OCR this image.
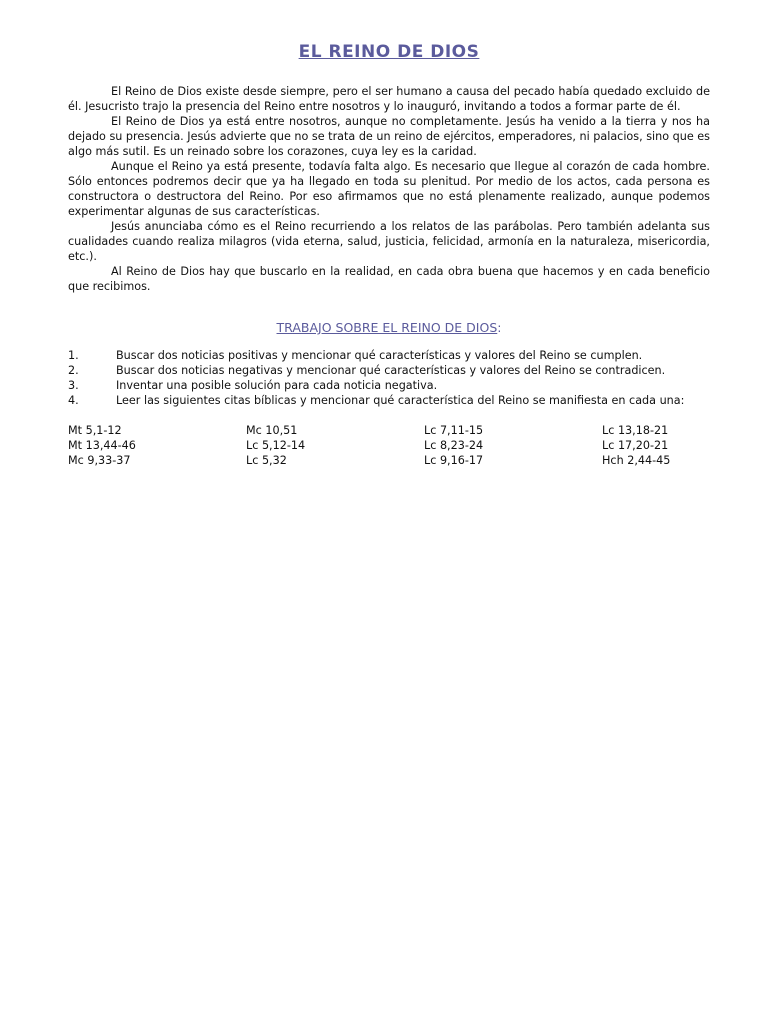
EL REINO DE DIOS

El Reino de Dios existe desde siempre, pero el ser humano a causa del pecado había quedado excluido de él. Jesucristo trajo la presencia del Reino entre nosotros y lo inauguró, invitando a todos a formar parte de él.

El Reino de Dios ya está entre nosotros, aunque no completamente. Jesús ha venido a la tierra y nos ha dejado su presencia. Jesús advierte que no se trata de un reino de ejércitos, emperadores, ni palacios, sino que es algo más sutil. Es un reinado sobre los corazones, cuya ley es la caridad.

Aunque el Reino ya está presente, todavía falta algo. Es necesario que llegue al corazón de cada hombre. Sólo entonces podremos decir que ya ha llegado en toda su plenitud. Por medio de los actos, cada persona es constructora o destructora del Reino. Por eso afirmamos que no está plenamente realizado, aunque podemos experimentar algunas de sus características.

Jesús anunciaba cómo es el Reino recurriendo a los relatos de las parábolas. Pero también adelanta sus cualidades cuando realiza milagros (vida eterna, salud, justicia, felicidad, armonía en la naturaleza, misericordia, etc.).

Al Reino de Dios hay que buscarlo en la realidad, en cada obra buena que hacemos y en cada beneficio que recibimos.

TRABAJO SOBRE EL REINO DE DIOS:
1.	Buscar dos noticias positivas y mencionar qué características y valores del Reino se cumplen.
2.	Buscar dos noticias negativas y mencionar qué características y valores del Reino se contradicen.
3.	Inventar una posible solución para cada noticia negativa.
4.	Leer las siguientes citas bíblicas y mencionar qué característica del Reino se manifiesta en cada una:
Mt 5,1-12	Mc 10,51	Lc 7,11-15	Lc 13,18-21
Mt 13,44-46	Lc 5,12-14	Lc 8,23-24	Lc 17,20-21
Mc 9,33-37	Lc 5,32	Lc 9,16-17	Hch 2,44-45
